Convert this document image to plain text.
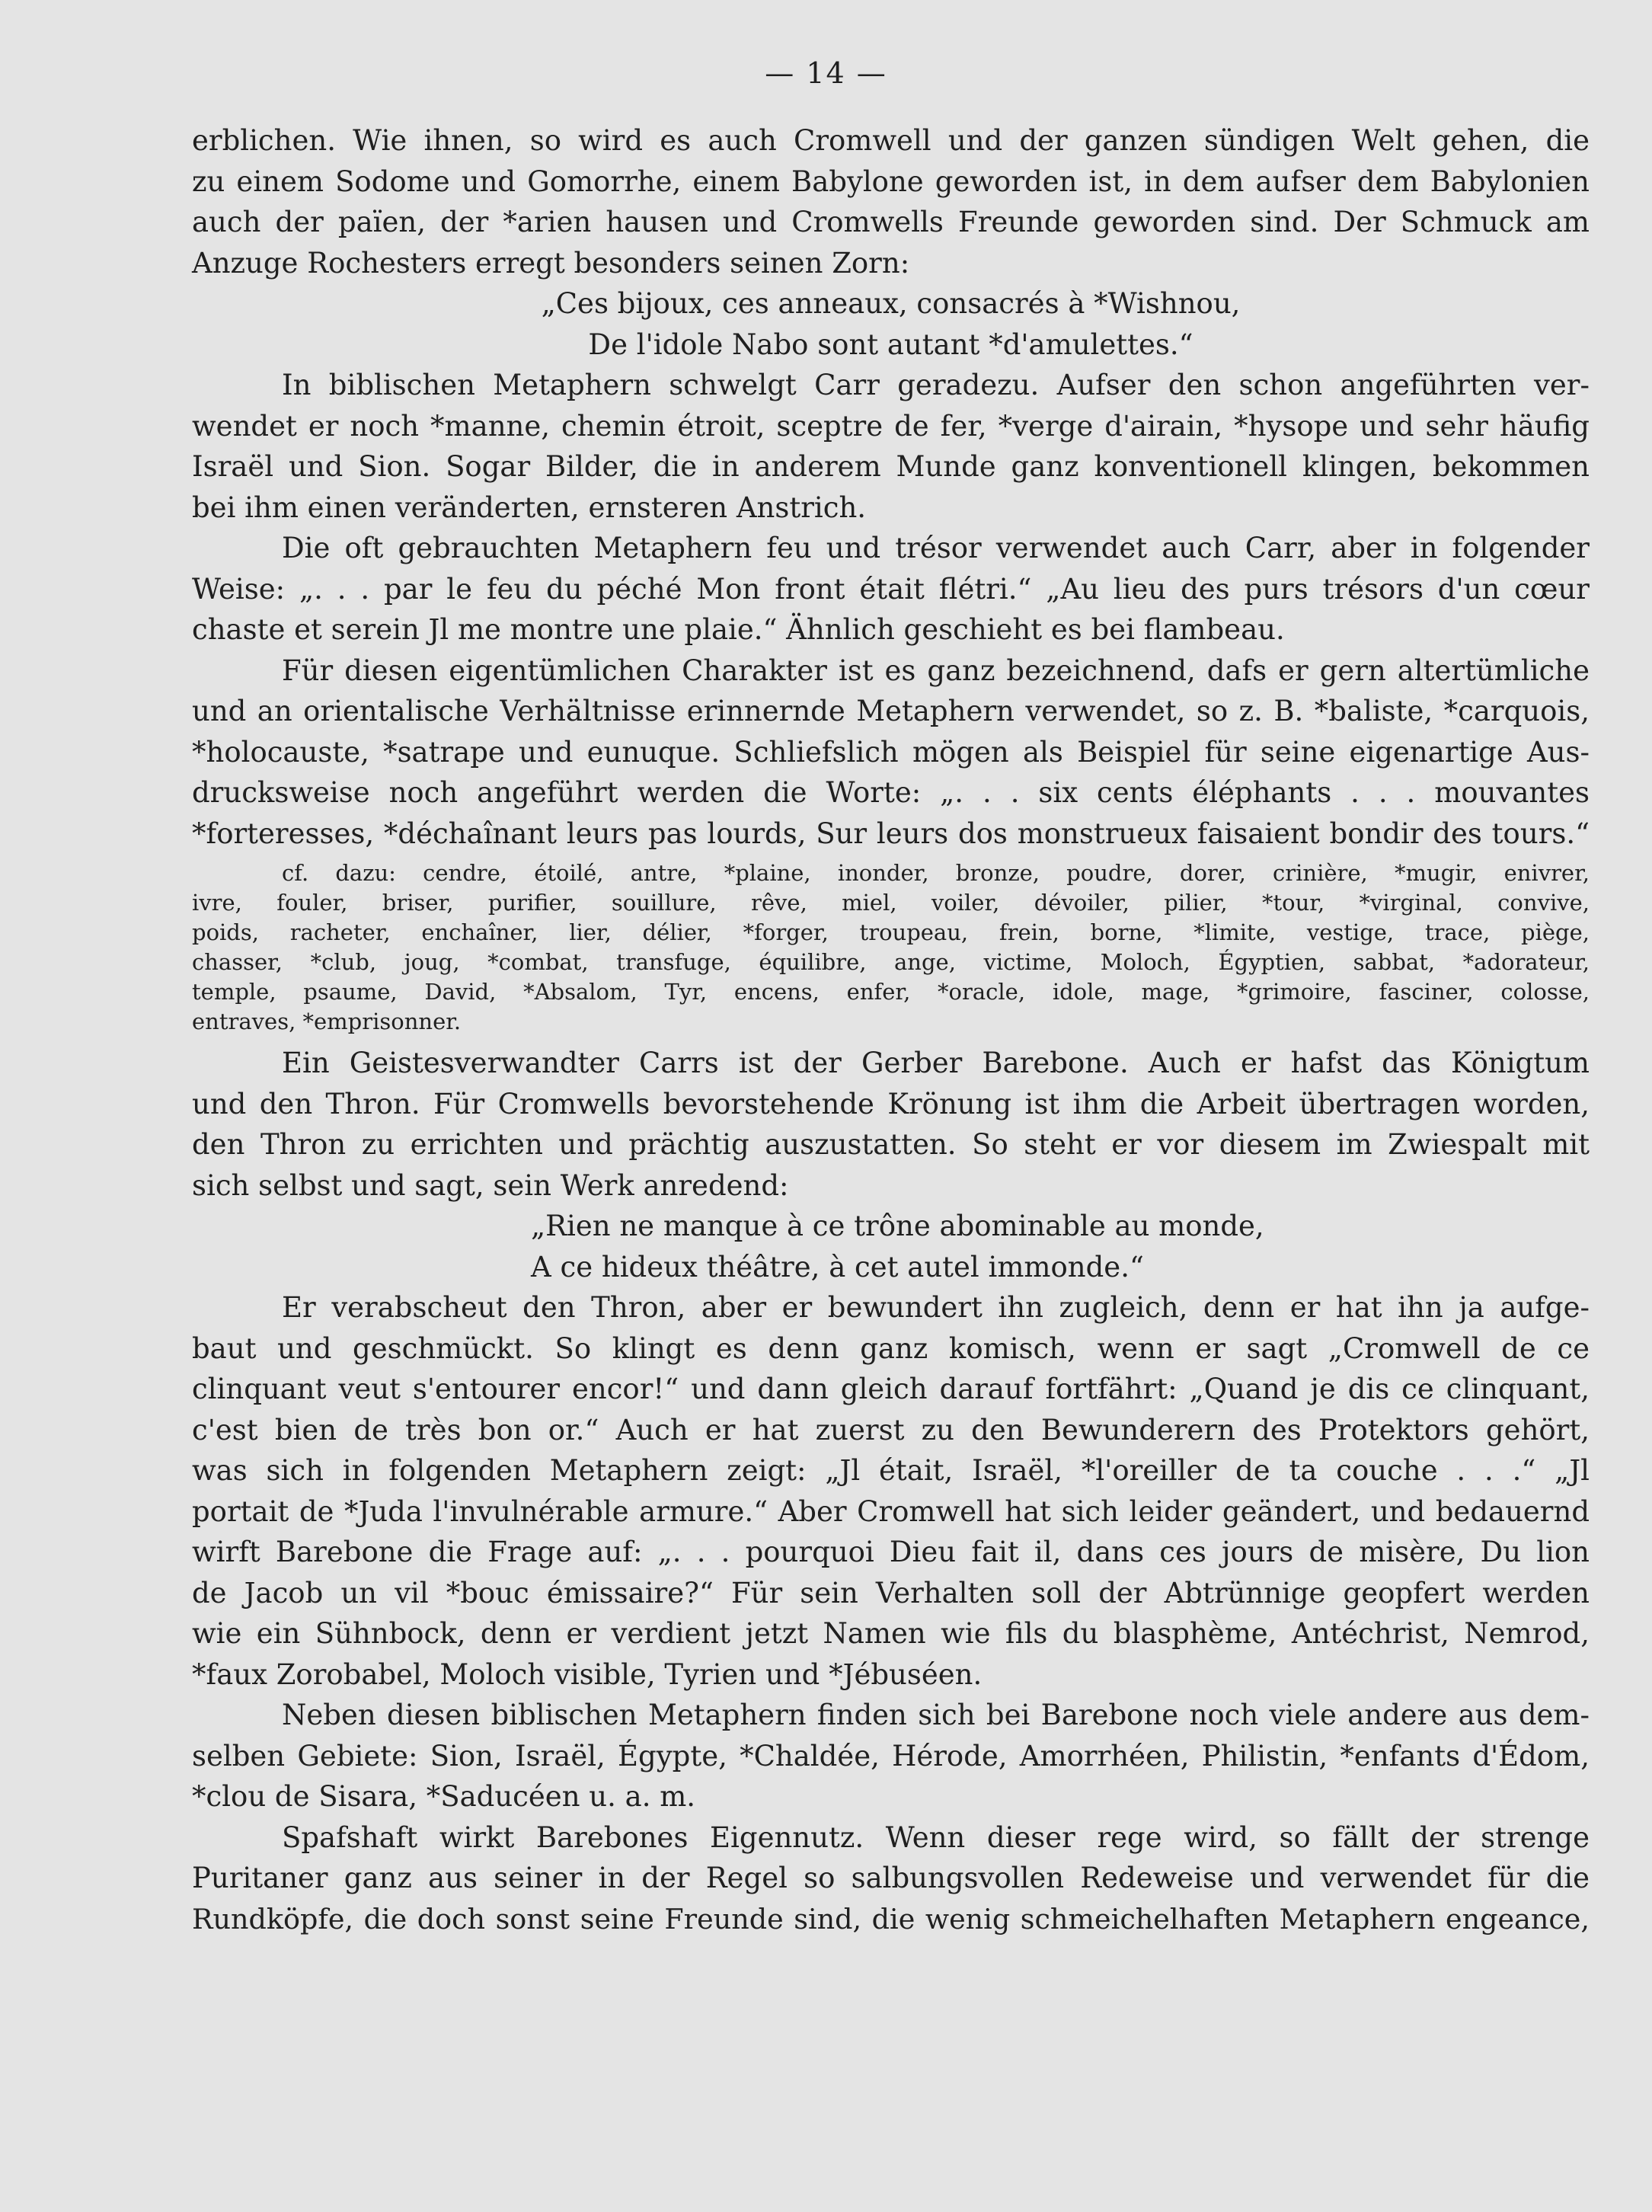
— 14 —
erblichen. Wie ihnen, so wird es auch Cromwell und der ganzen sündigen Welt gehen, die
zu einem Sodome und Gomorrhe, einem Babylone geworden ist, in dem aufser dem Babylonien
auch der païen, der *arien hausen und Cromwells Freunde geworden sind. Der Schmuck am
Anzuge Rochesters erregt besonders seinen Zorn:
„Ces bijoux, ces anneaux, consacrés à *Wishnou,
De l'idole Nabo sont autant *d'amulettes.“
In biblischen Metaphern schwelgt Carr geradezu. Aufser den schon angeführten ver-
wendet er noch *manne, chemin étroit, sceptre de fer, *verge d'airain, *hysope und sehr häufig
Israël und Sion. Sogar Bilder, die in anderem Munde ganz konventionell klingen, bekommen
bei ihm einen veränderten, ernsteren Anstrich.
Die oft gebrauchten Metaphern feu und trésor verwendet auch Carr, aber in folgender
Weise: „. . . par le feu du péché Mon front était flétri.“ „Au lieu des purs trésors d'un cœur
chaste et serein Jl me montre une plaie.“ Ähnlich geschieht es bei flambeau.
Für diesen eigentümlichen Charakter ist es ganz bezeichnend, dafs er gern altertümliche
und an orientalische Verhältnisse erinnernde Metaphern verwendet, so z. B. *baliste, *carquois,
*holocauste, *satrape und eunuque. Schliefslich mögen als Beispiel für seine eigenartige Aus-
drucksweise noch angeführt werden die Worte: „. . . six cents éléphants . . . mouvantes
*forteresses, *déchaînant leurs pas lourds, Sur leurs dos monstrueux faisaient bondir des tours.“
cf. dazu: cendre, étoilé, antre, *plaine, inonder, bronze, poudre, dorer, crinière, *mugir, enivrer,
ivre, fouler, briser, purifier, souillure, rêve, miel, voiler, dévoiler, pilier, *tour, *virginal, convive,
poids, racheter, enchaîner, lier, délier, *forger, troupeau, frein, borne, *limite, vestige, trace, piège,
chasser, *club, joug, *combat, transfuge, équilibre, ange, victime, Moloch, Égyptien, sabbat, *adorateur,
temple, psaume, David, *Absalom, Tyr, encens, enfer, *oracle, idole, mage, *grimoire, fasciner, colosse,
entraves, *emprisonner.
Ein Geistesverwandter Carrs ist der Gerber Barebone. Auch er hafst das Königtum
und den Thron. Für Cromwells bevorstehende Krönung ist ihm die Arbeit übertragen worden,
den Thron zu errichten und prächtig auszustatten. So steht er vor diesem im Zwiespalt mit
sich selbst und sagt, sein Werk anredend:
„Rien ne manque à ce trône abominable au monde,
A ce hideux théâtre, à cet autel immonde.“
Er verabscheut den Thron, aber er bewundert ihn zugleich, denn er hat ihn ja aufge-
baut und geschmückt. So klingt es denn ganz komisch, wenn er sagt „Cromwell de ce
clinquant veut s'entourer encor!“ und dann gleich darauf fortfährt: „Quand je dis ce clinquant,
c'est bien de très bon or.“ Auch er hat zuerst zu den Bewunderern des Protektors gehört,
was sich in folgenden Metaphern zeigt: „Jl était, Israël, *l'oreiller de ta couche . . .“ „Jl
portait de *Juda l'invulnérable armure.“ Aber Cromwell hat sich leider geändert, und bedauernd
wirft Barebone die Frage auf: „. . . pourquoi Dieu fait il, dans ces jours de misère, Du lion
de Jacob un vil *bouc émissaire?“ Für sein Verhalten soll der Abtrünnige geopfert werden
wie ein Sühnbock, denn er verdient jetzt Namen wie fils du blasphème, Antéchrist, Nemrod,
*faux Zorobabel, Moloch visible, Tyrien und *Jébuséen.
Neben diesen biblischen Metaphern finden sich bei Barebone noch viele andere aus dem-
selben Gebiete: Sion, Israël, Égypte, *Chaldée, Hérode, Amorrhéen, Philistin, *enfants d'Édom,
*clou de Sisara, *Saducéen u. a. m.
Spafshaft wirkt Barebones Eigennutz. Wenn dieser rege wird, so fällt der strenge
Puritaner ganz aus seiner in der Regel so salbungsvollen Redeweise und verwendet für die
Rundköpfe, die doch sonst seine Freunde sind, die wenig schmeichelhaften Metaphern engeance,
